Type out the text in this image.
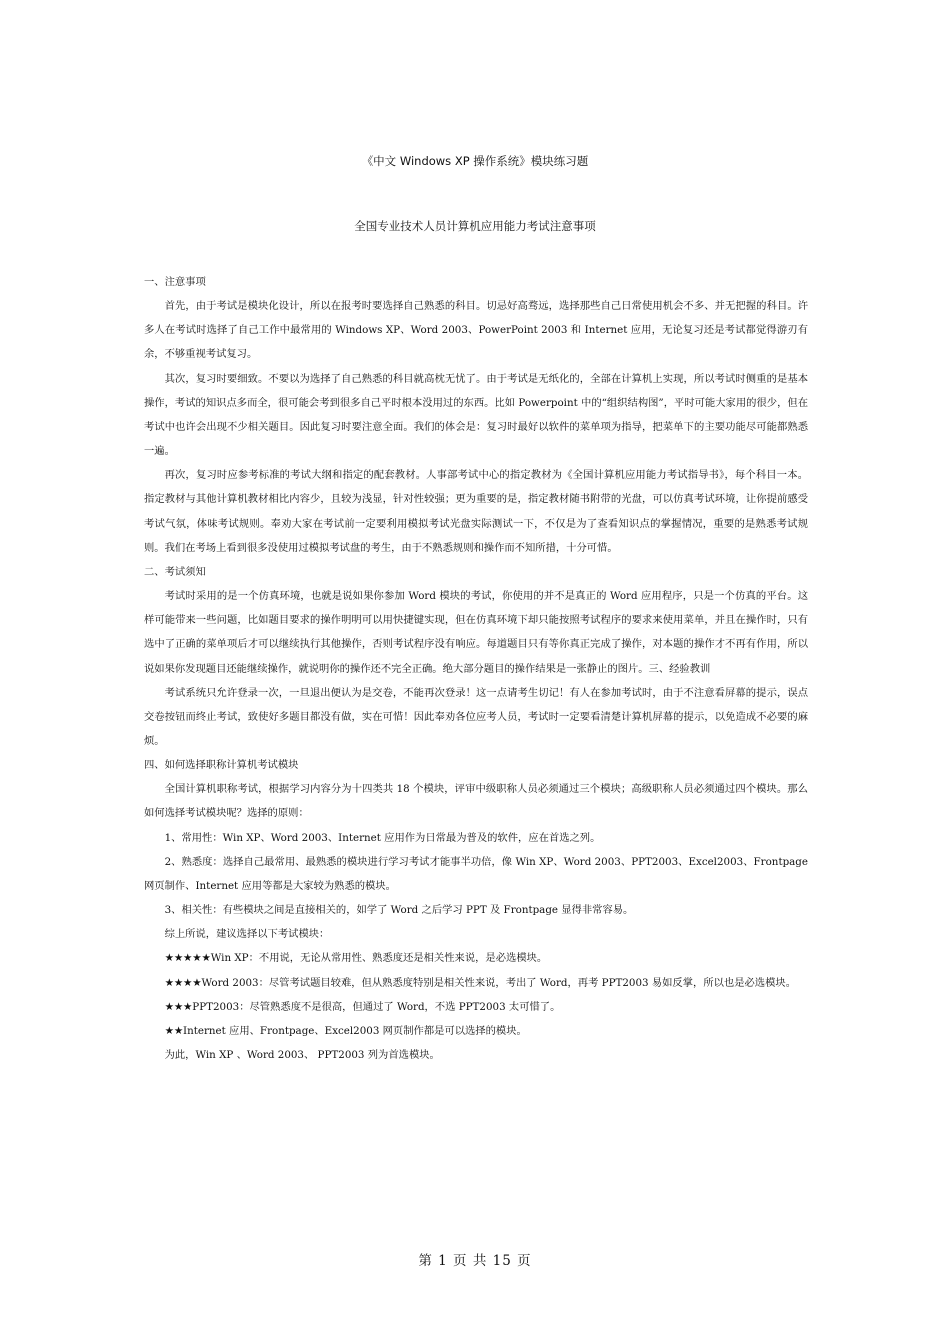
《中文 Windows XP 操作系统》模块练习题
全国专业技术人员计算机应用能力考试注意事项

一、注意事项

首先，由于考试是模块化设计，所以在报考时要选择自己熟悉的科目。切忌好高骛远，选择那些自己日常使用机会不多、并无把握的科目。许多人在考试时选择了自己工作中最常用的 Windows XP、Word 2003、PowerPoint 2003 和 Internet 应用，无论复习还是考试都觉得游刃有余，不够重视考试复习。

其次，复习时要细致。不要以为选择了自己熟悉的科目就高枕无忧了。由于考试是无纸化的，全部在计算机上实现，所以考试时侧重的是基本操作，考试的知识点多而全，很可能会考到很多自己平时根本没用过的东西。比如 Powerpoint 中的“组织结构图”，平时可能大家用的很少，但在考试中也许会出现不少相关题目。因此复习时要注意全面。我们的体会是：复习时最好以软件的菜单项为指导，把菜单下的主要功能尽可能都熟悉一遍。

再次，复习时应参考标准的考试大纲和指定的配套教材。人事部考试中心的指定教材为《全国计算机应用能力考试指导书》，每个科目一本。指定教材与其他计算机教材相比内容少，且较为浅显，针对性较强；更为重要的是，指定教材随书附带的光盘，可以仿真考试环境，让你提前感受考试气氛，体味考试规则。奉劝大家在考试前一定要利用模拟考试光盘实际测试一下，不仅是为了查看知识点的掌握情况，重要的是熟悉考试规则。我们在考场上看到很多没使用过模拟考试盘的考生，由于不熟悉规则和操作而不知所措，十分可惜。

二、考试须知

考试时采用的是一个仿真环境，也就是说如果你参加 Word 模块的考试，你使用的并不是真正的 Word 应用程序，只是一个仿真的平台。这样可能带来一些问题，比如题目要求的操作明明可以用快捷键实现，但在仿真环境下却只能按照考试程序的要求来使用菜单，并且在操作时，只有选中了正确的菜单项后才可以继续执行其他操作，否则考试程序没有响应。每道题目只有等你真正完成了操作，对本题的操作才不再有作用，所以说如果你发现题目还能继续操作，就说明你的操作还不完全正确。绝大部分题目的操作结果是一张静止的图片。三、经验教训

考试系统只允许登录一次，一旦退出便认为是交卷，不能再次登录！这一点请考生切记！有人在参加考试时，由于不注意看屏幕的提示，误点交卷按钮而终止考试，致使好多题目都没有做，实在可惜！因此奉劝各位应考人员，考试时一定要看清楚计算机屏幕的提示，以免造成不必要的麻烦。

四、如何选择职称计算机考试模块

全国计算机职称考试，根据学习内容分为十四类共 18 个模块，评审中级职称人员必须通过三个模块；高级职称人员必须通过四个模块。那么如何选择考试模块呢？选择的原则：

1、常用性：Win XP、Word 2003、Internet 应用作为日常最为普及的软件，应在首选之列。

2、熟悉度：选择自己最常用、最熟悉的模块进行学习考试才能事半功倍，像 Win XP、Word 2003、PPT2003、Excel2003、Frontpage 网页制作、Internet 应用等都是大家较为熟悉的模块。

3、相关性：有些模块之间是直接相关的，如学了 Word 之后学习 PPT 及 Frontpage 显得非常容易。

综上所说，建议选择以下考试模块：

★★★★★Win XP：不用说，无论从常用性、熟悉度还是相关性来说，是必选模块。

★★★★Word 2003：尽管考试题目较难，但从熟悉度特别是相关性来说，考出了 Word，再考 PPT2003 易如反掌，所以也是必选模块。

★★★PPT2003：尽管熟悉度不是很高，但通过了 Word，不选 PPT2003 太可惜了。

★★Internet 应用、Frontpage、Excel2003 网页制作都是可以选择的模块。

为此，Win XP 、Word 2003、 PPT2003 列为首选模块。

第 1 页 共 15 页
